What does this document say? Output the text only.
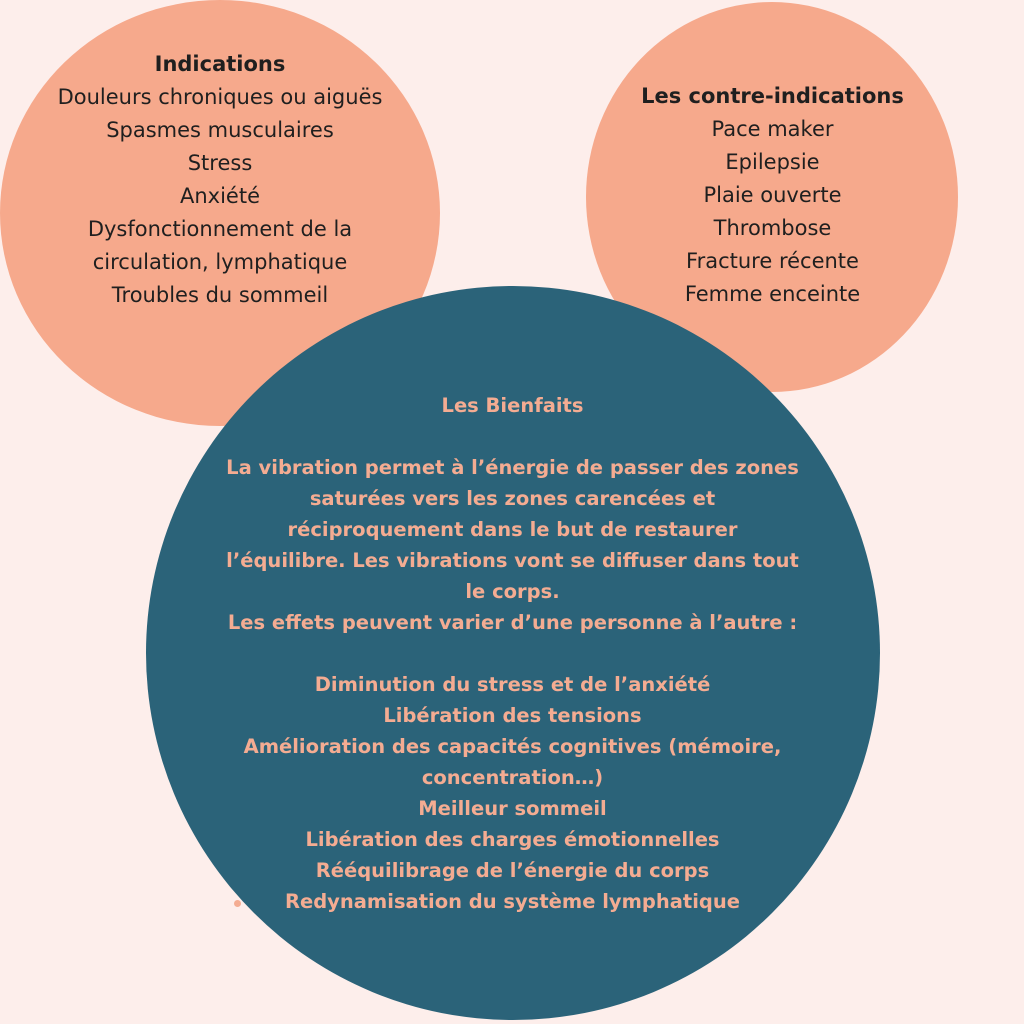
Indications
Douleurs chroniques ou aiguës
Spasmes musculaires
Stress
Anxiété
Dysfonctionnement de la
circulation, lymphatique
Troubles du sommeil
Les contre-indications
Pace maker
Epilepsie
Plaie ouverte
Thrombose
Fracture récente
Femme enceinte
Les Bienfaits
La vibration permet à l’énergie de passer des zones
saturées vers les zones carencées et
réciproquement dans le but de restaurer
l’équilibre. Les vibrations vont se diffuser dans tout
le corps.
Les effets peuvent varier d’une personne à l’autre :
Diminution du stress et de l’anxiété
Libération des tensions
Amélioration des capacités cognitives (mémoire,
concentration…)
Meilleur sommeil
Libération des charges émotionnelles
Rééquilibrage de l’énergie du corps
Redynamisation du système lymphatique
